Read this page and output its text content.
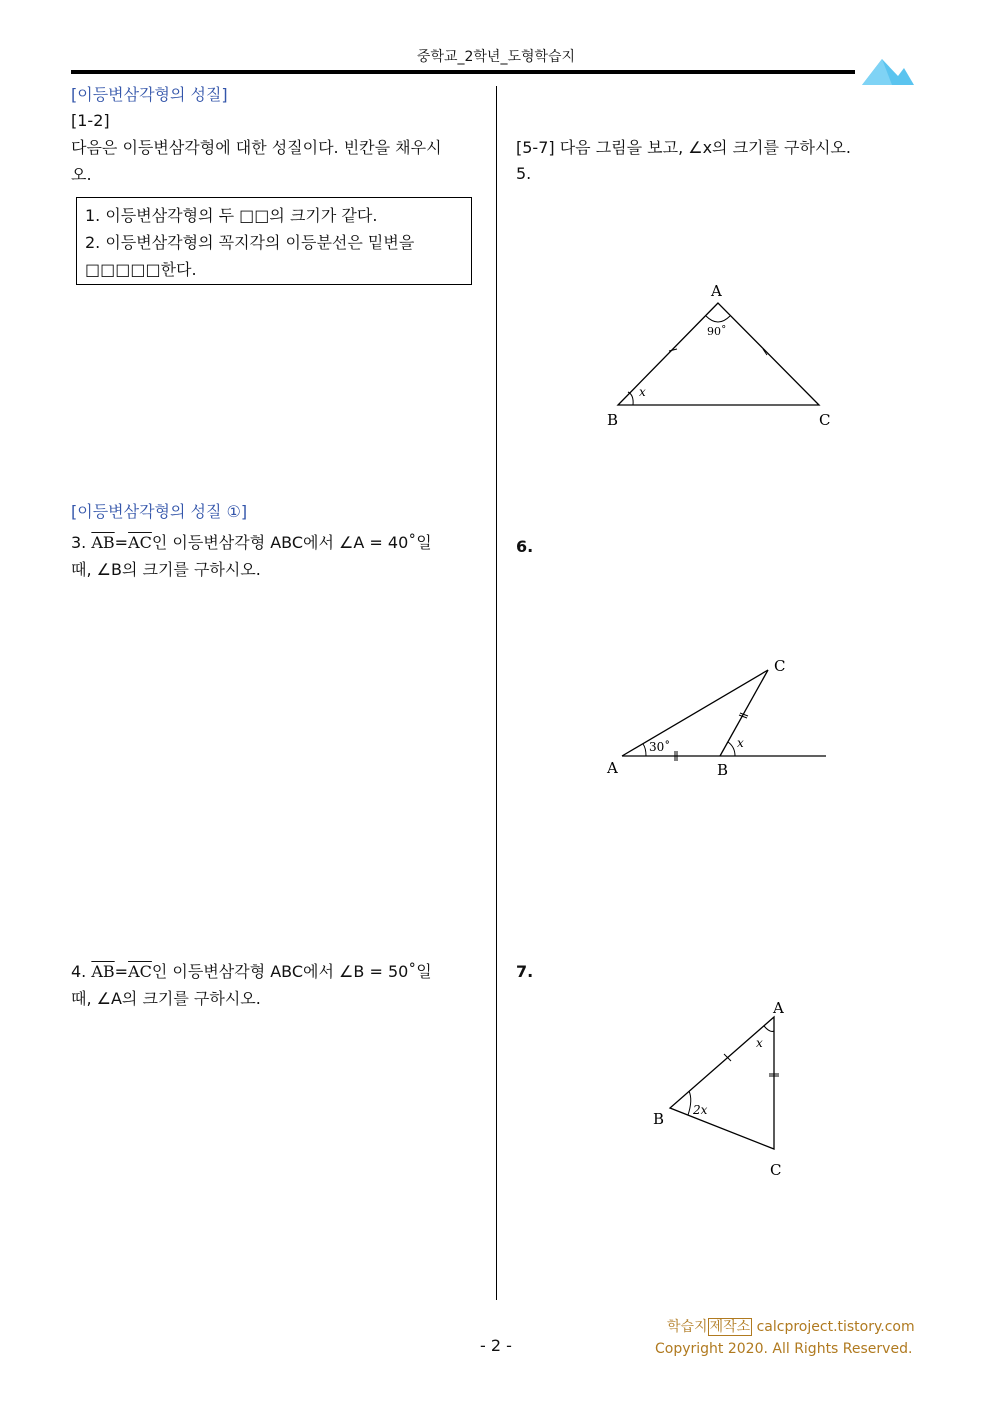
중학교_2학년_도형학습지
[이등변삼각형의 성질]
[1-2]
다음은 이등변삼각형에 대한 성질이다. 빈칸을 채우시
오.
1. 이등변삼각형의 두 □□의 크기가 같다.
2. 이등변삼각형의 꼭지각의 이등분선은 밑변을
□□□□□한다.
[이등변삼각형의 성질 ①]
3. $\overline{AB}=\overline{AC}$인 이등변삼각형 ABC에서 ∠A = 40˚일
때, ∠B의 크기를 구하시오.
4. $\overline{AB}=\overline{AC}$인 이등변삼각형 ABC에서 ∠B = 50˚일
때, ∠A의 크기를 구하시오.
[5-7] 다음 그림을 보고, ∠x의 크기를 구하시오.
5.
6.
7.
A
B	C
90˚
x
C
A	B
30˚	x
A
B
C
x
2x
학습지 제작소 calcproject.tistory.com
Copyright 2020. All Rights Reserved.
- 2 -
